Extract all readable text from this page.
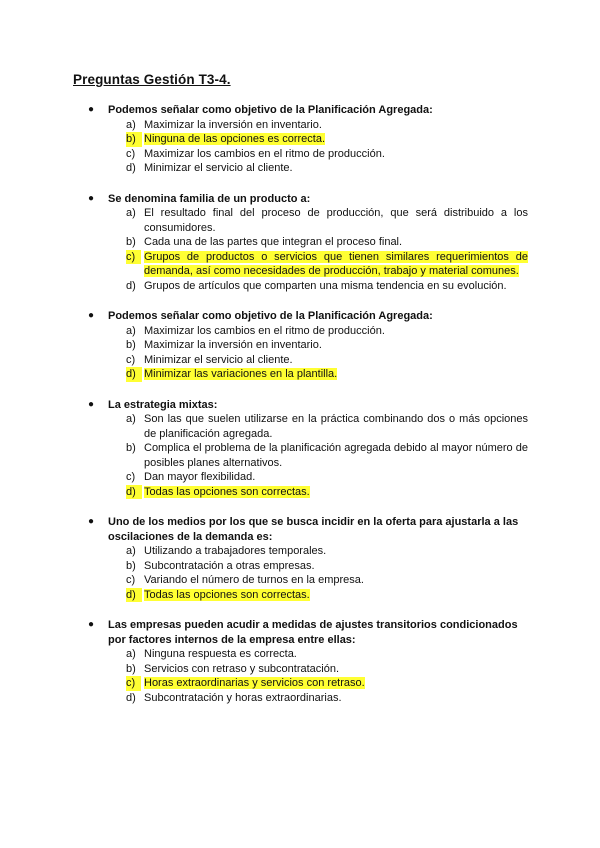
Preguntas Gestión T3-4.
● Podemos señalar como objetivo de la Planificación Agregada:
a) Maximizar la inversión en inventario.
b) Ninguna de las opciones es correcta.
c) Maximizar los cambios en el ritmo de producción.
d) Minimizar el servicio al cliente.
● Se denomina familia de un producto a:
a) El resultado final del proceso de producción, que será distribuido a los consumidores.
b) Cada una de las partes que integran el proceso final.
c) Grupos de productos o servicios que tienen similares requerimientos de demanda, así como necesidades de producción, trabajo y material comunes.
d) Grupos de artículos que comparten una misma tendencia en su evolución.
● Podemos señalar como objetivo de la Planificación Agregada:
a) Maximizar los cambios en el ritmo de producción.
b) Maximizar la inversión en inventario.
c) Minimizar el servicio al cliente.
d) Minimizar las variaciones en la plantilla.
● La estrategia mixtas:
a) Son las que suelen utilizarse en la práctica combinando dos o más opciones de planificación agregada.
b) Complica el problema de la planificación agregada debido al mayor número de posibles planes alternativos.
c) Dan mayor flexibilidad.
d) Todas las opciones son correctas.
● Uno de los medios por los que se busca incidir en la oferta para ajustarla a las oscilaciones de la demanda es:
a) Utilizando a trabajadores temporales.
b) Subcontratación a otras empresas.
c) Variando el número de turnos en la empresa.
d) Todas las opciones son correctas.
● Las empresas pueden acudir a medidas de ajustes transitorios condicionados por factores internos de la empresa entre ellas:
a) Ninguna respuesta es correcta.
b) Servicios con retraso y subcontratación.
c) Horas extraordinarias y servicios con retraso.
d) Subcontratación y horas extraordinarias.
